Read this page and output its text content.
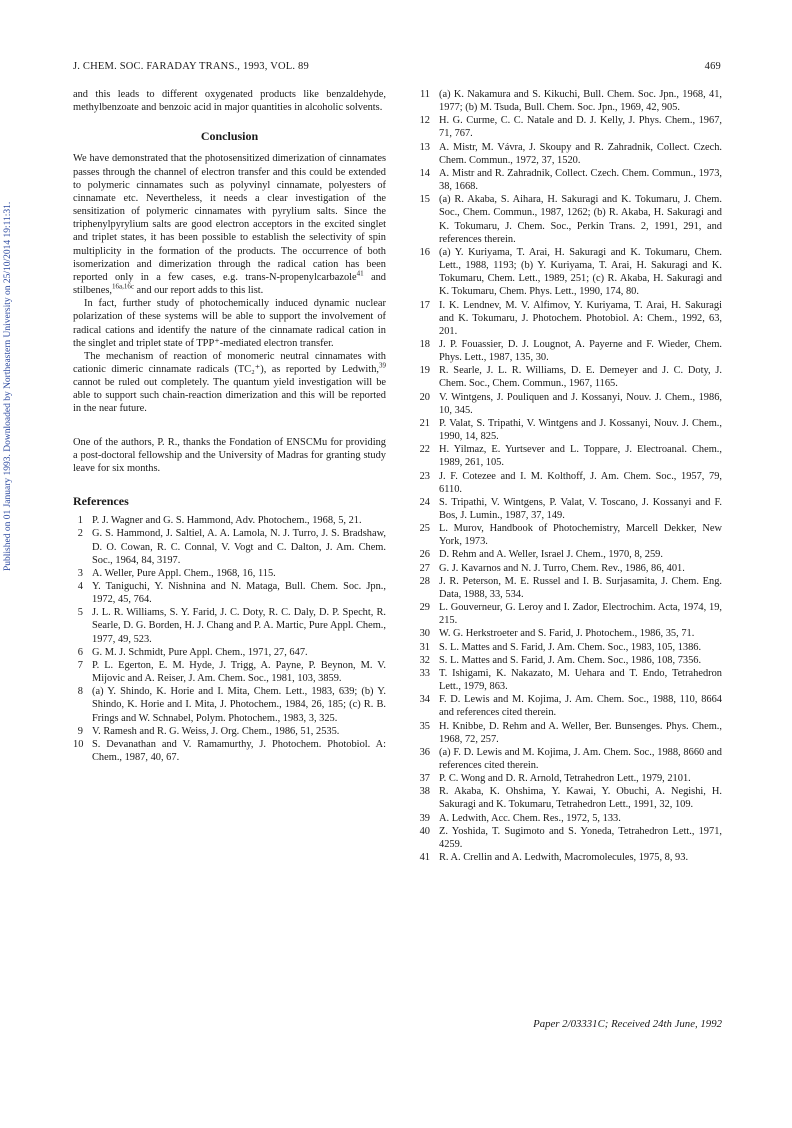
J. CHEM. SOC. FARADAY TRANS., 1993, VOL. 89	469
Published on 01 January 1993. Downloaded by Northeastern University on 25/10/2014 19:11:31.

and this leads to different oxygenated products like benzaldehyde, methylbenzoate and benzoic acid in major quantities in alcoholic solvents.

Conclusion

We have demonstrated that the photosensitized dimerization of cinnamates passes through the channel of electron transfer and this could be extended to polymeric cinnamates such as polyvinyl cinnamate, polyesters of cinnamate etc. Nevertheless, it needs a clear investigation of the sensitization of polymeric cinnamates with pyrylium salts. Since the triphenylpyrylium salts are good electron acceptors in the excited singlet and triplet states, it has been possible to establish the selectivity of spin multiplicity in the formation of the products. The occurrence of both isomerization and dimerization through the radical cation has been reported only in a few cases, e.g. trans-N-propenylcarbazole$^{41}$ and stilbenes,$^{16a,16c}$ and our report adds to this list.

In fact, further study of photochemically induced dynamic nuclear polarization of these systems will be able to support the involvement of radical cations and identify the nature of the cinnamate radical cation in the singlet and triplet state of TPP⁺-mediated electron transfer.

The mechanism of reaction of monomeric neutral cinnamates with cationic dimeric cinnamate radicals (TC₂⁺), as reported by Ledwith,$^{39}$ cannot be ruled out completely. The quantum yield investigation will be able to support such chain-reaction dimerization and this will be reported in the near future.

One of the authors, P. R., thanks the Fondation of ENSCMu for providing a post-doctoral fellowship and the University of Madras for granting study leave for six months.

References
1 P. J. Wagner and G. S. Hammond, Adv. Photochem., 1968, 5, 21.
2 G. S. Hammond, J. Saltiel, A. A. Lamola, N. J. Turro, J. S. Bradshaw, D. O. Cowan, R. C. Connal, V. Vogt and C. Dalton, J. Am. Chem. Soc., 1964, 84, 3197.
3 A. Weller, Pure Appl. Chem., 1968, 16, 115.
4 Y. Taniguchi, Y. Nishnina and N. Mataga, Bull. Chem. Soc. Jpn., 1972, 45, 764.
5 J. L. R. Williams, S. Y. Farid, J. C. Doty, R. C. Daly, D. P. Specht, R. Searle, D. G. Borden, H. J. Chang and P. A. Martic, Pure Appl. Chem., 1977, 49, 523.
6 G. M. J. Schmidt, Pure Appl. Chem., 1971, 27, 647.
7 P. L. Egerton, E. M. Hyde, J. Trigg, A. Payne, P. Beynon, M. V. Mijovic and A. Reiser, J. Am. Chem. Soc., 1981, 103, 3859.
8 (a) Y. Shindo, K. Horie and I. Mita, Chem. Lett., 1983, 639; (b) Y. Shindo, K. Horie and I. Mita, J. Photochem., 1984, 26, 185; (c) R. B. Frings and W. Schnabel, Polym. Photochem., 1983, 3, 325.
9 V. Ramesh and R. G. Weiss, J. Org. Chem., 1986, 51, 2535.
10 S. Devanathan and V. Ramamurthy, J. Photochem. Photobiol. A: Chem., 1987, 40, 67.
11 (a) K. Nakamura and S. Kikuchi, Bull. Chem. Soc. Jpn., 1968, 41, 1977; (b) M. Tsuda, Bull. Chem. Soc. Jpn., 1969, 42, 905.
12 H. G. Curme, C. C. Natale and D. J. Kelly, J. Phys. Chem., 1967, 71, 767.
13 A. Mistr, M. Vávra, J. Skoupy and R. Zahradnik, Collect. Czech. Chem. Commun., 1972, 37, 1520.
14 A. Mistr and R. Zahradnik, Collect. Czech. Chem. Commun., 1973, 38, 1668.
15 (a) R. Akaba, S. Aihara, H. Sakuragi and K. Tokumaru, J. Chem. Soc., Chem. Commun., 1987, 1262; (b) R. Akaba, H. Sakuragi and K. Tokumaru, J. Chem. Soc., Perkin Trans. 2, 1991, 291, and references therein.
16 (a) Y. Kuriyama, T. Arai, H. Sakuragi and K. Tokumaru, Chem. Lett., 1988, 1193; (b) Y. Kuriyama, T. Arai, H. Sakuragi and K. Tokumaru, Chem. Lett., 1989, 251; (c) R. Akaba, H. Sakuragi and K. Tokumaru, Chem. Phys. Lett., 1990, 174, 80.
17 I. K. Lendnev, M. V. Alfimov, Y. Kuriyama, T. Arai, H. Sakuragi and K. Tokumaru, J. Photochem. Photobiol. A: Chem., 1992, 63, 201.
18 J. P. Fouassier, D. J. Lougnot, A. Payerne and F. Wieder, Chem. Phys. Lett., 1987, 135, 30.
19 R. Searle, J. L. R. Williams, D. E. Demeyer and J. C. Doty, J. Chem. Soc., Chem. Commun., 1967, 1165.
20 V. Wintgens, J. Pouliquen and J. Kossanyi, Nouv. J. Chem., 1986, 10, 345.
21 P. Valat, S. Tripathi, V. Wintgens and J. Kossanyi, Nouv. J. Chem., 1990, 14, 825.
22 H. Yilmaz, E. Yurtsever and L. Toppare, J. Electroanal. Chem., 1989, 261, 105.
23 J. F. Cotezee and I. M. Kolthoff, J. Am. Chem. Soc., 1957, 79, 6110.
24 S. Tripathi, V. Wintgens, P. Valat, V. Toscano, J. Kossanyi and F. Bos, J. Lumin., 1987, 37, 149.
25 L. Murov, Handbook of Photochemistry, Marcell Dekker, New York, 1973.
26 D. Rehm and A. Weller, Israel J. Chem., 1970, 8, 259.
27 G. J. Kavarnos and N. J. Turro, Chem. Rev., 1986, 86, 401.
28 J. R. Peterson, M. E. Russel and I. B. Surjasamita, J. Chem. Eng. Data, 1988, 33, 534.
29 L. Gouverneur, G. Leroy and I. Zador, Electrochim. Acta, 1974, 19, 215.
30 W. G. Herkstroeter and S. Farid, J. Photochem., 1986, 35, 71.
31 S. L. Mattes and S. Farid, J. Am. Chem. Soc., 1983, 105, 1386.
32 S. L. Mattes and S. Farid, J. Am. Chem. Soc., 1986, 108, 7356.
33 T. Ishigami, K. Nakazato, M. Uehara and T. Endo, Tetrahedron Lett., 1979, 863.
34 F. D. Lewis and M. Kojima, J. Am. Chem. Soc., 1988, 110, 8664 and references cited therein.
35 H. Knibbe, D. Rehm and A. Weller, Ber. Bunsenges. Phys. Chem., 1968, 72, 257.
36 (a) F. D. Lewis and M. Kojima, J. Am. Chem. Soc., 1988, 8660 and references cited therein.
37 P. C. Wong and D. R. Arnold, Tetrahedron Lett., 1979, 2101.
38 R. Akaba, K. Ohshima, Y. Kawai, Y. Obuchi, A. Negishi, H. Sakuragi and K. Tokumaru, Tetrahedron Lett., 1991, 32, 109.
39 A. Ledwith, Acc. Chem. Res., 1972, 5, 133.
40 Z. Yoshida, T. Sugimoto and S. Yoneda, Tetrahedron Lett., 1971, 4259.
41 R. A. Crellin and A. Ledwith, Macromolecules, 1975, 8, 93.
Paper 2/03331C; Received 24th June, 1992
